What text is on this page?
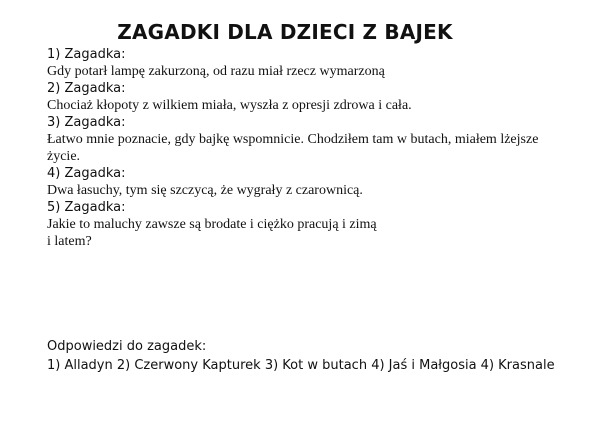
ZAGADKI DLA DZIECI Z BAJEK
1) Zagadka:
Gdy potarł lampę zakurzoną, od razu miał rzecz wymarzoną
2) Zagadka:
Chociaż kłopoty z wilkiem miała, wyszła z opresji zdrowa i cała.
3) Zagadka:
Łatwo mnie poznacie, gdy bajkę wspomnicie. Chodziłem tam w butach, miałem lżejsze
życie.
4) Zagadka:
Dwa łasuchy, tym się szczycą, że wygrały z czarownicą.
5) Zagadka:
Jakie to maluchy zawsze są brodate i ciężko pracują i zimą
i latem?
Odpowiedzi do zagadek:
1) Alladyn 2) Czerwony Kapturek 3) Kot w butach 4) Jaś i Małgosia 4) Krasnale
